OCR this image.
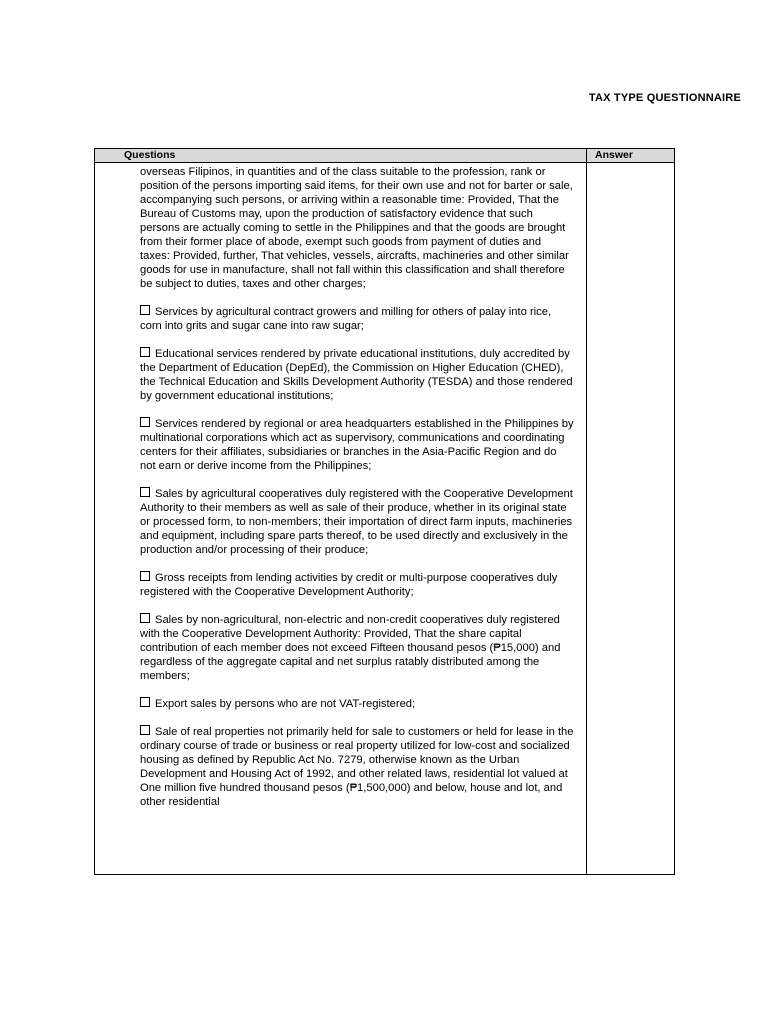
TAX TYPE QUESTIONNAIRE
Questions	Answer

overseas Filipinos, in quantities and of the class suitable to the profession, rank or position of the persons importing said items, for their own use and not for barter or sale, accompanying such persons, or arriving within a reasonable time: Provided, That the Bureau of Customs may, upon the production of satisfactory evidence that such persons are actually coming to settle in the Philippines and that the goods are brought from their former place of abode, exempt such goods from payment of duties and taxes: Provided, further, That vehicles, vessels, aircrafts, machineries and other similar goods for use in manufacture, shall not fall within this classification and shall therefore be subject to duties, taxes and other charges;

Services by agricultural contract growers and milling for others of palay into rice, corn into grits and sugar cane into raw sugar;

Educational services rendered by private educational institutions, duly accredited by the Department of Education (DepEd), the Commission on Higher Education (CHED), the Technical Education and Skills Development Authority (TESDA) and those rendered by government educational institutions;

Services rendered by regional or area headquarters established in the Philippines by multinational corporations which act as supervisory, communications and coordinating centers for their affiliates, subsidiaries or branches in the Asia-Pacific Region and do not earn or derive income from the Philippines;

Sales by agricultural cooperatives duly registered with the Cooperative Development Authority to their members as well as sale of their produce, whether in its original state or processed form, to non-members; their importation of direct farm inputs, machineries and equipment, including spare parts thereof, to be used directly and exclusively in the production and/or processing of their produce;

Gross receipts from lending activities by credit or multi-purpose cooperatives duly registered with the Cooperative Development Authority;

Sales by non-agricultural, non-electric and non-credit cooperatives duly registered with the Cooperative Development Authority: Provided, That the share capital contribution of each member does not exceed Fifteen thousand pesos (₱15,000) and regardless of the aggregate capital and net surplus ratably distributed among the members;

Export sales by persons who are not VAT-registered;

Sale of real properties not primarily held for sale to customers or held for lease in the ordinary course of trade or business or real property utilized for low-cost and socialized housing as defined by Republic Act No. 7279, otherwise known as the Urban Development and Housing Act of 1992, and other related laws, residential lot valued at One million five hundred thousand pesos (₱1,500,000) and below, house and lot, and other residential
